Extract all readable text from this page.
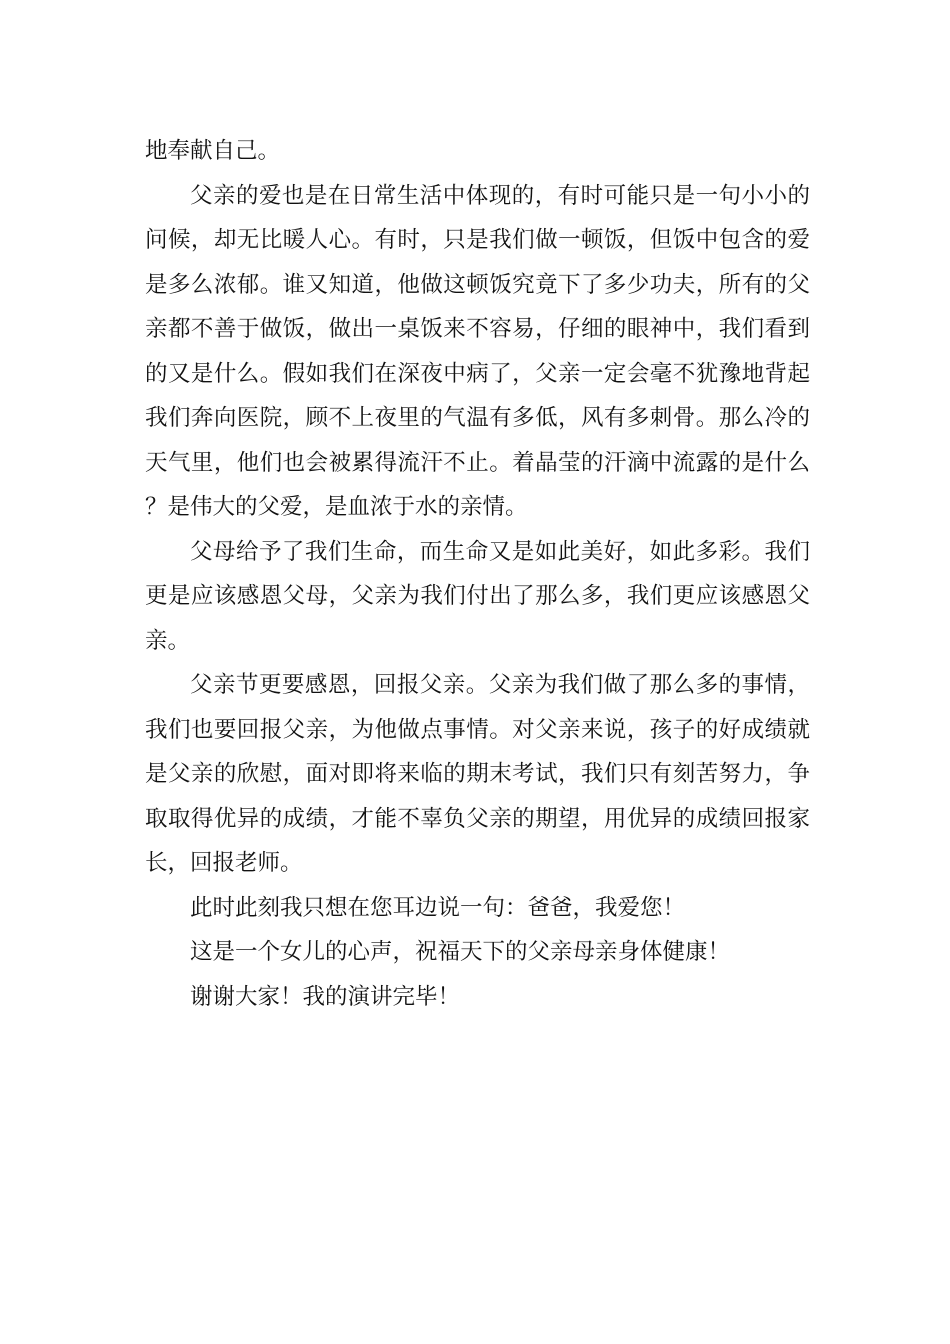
地奉献自己。

父亲的爱也是在日常生活中体现的，有时可能只是一句小小的问候，却无比暖人心。有时，只是我们做一顿饭，但饭中包含的爱是多么浓郁。谁又知道，他做这顿饭究竟下了多少功夫，所有的父亲都不善于做饭，做出一桌饭来不容易，仔细的眼神中，我们看到的又是什么。假如我们在深夜中病了，父亲一定会毫不犹豫地背起我们奔向医院，顾不上夜里的气温有多低，风有多刺骨。那么冷的天气里，他们也会被累得流汗不止。着晶莹的汗滴中流露的是什么？是伟大的父爱，是血浓于水的亲情。

父母给予了我们生命，而生命又是如此美好，如此多彩。我们更是应该感恩父母，父亲为我们付出了那么多，我们更应该感恩父亲。

父亲节更要感恩，回报父亲。父亲为我们做了那么多的事情，我们也要回报父亲，为他做点事情。对父亲来说，孩子的好成绩就是父亲的欣慰，面对即将来临的期末考试，我们只有刻苦努力，争取取得优异的成绩，才能不辜负父亲的期望，用优异的成绩回报家长，回报老师。

此时此刻我只想在您耳边说一句：爸爸，我爱您！

这是一个女儿的心声，祝福天下的父亲母亲身体健康！

谢谢大家！我的演讲完毕！
